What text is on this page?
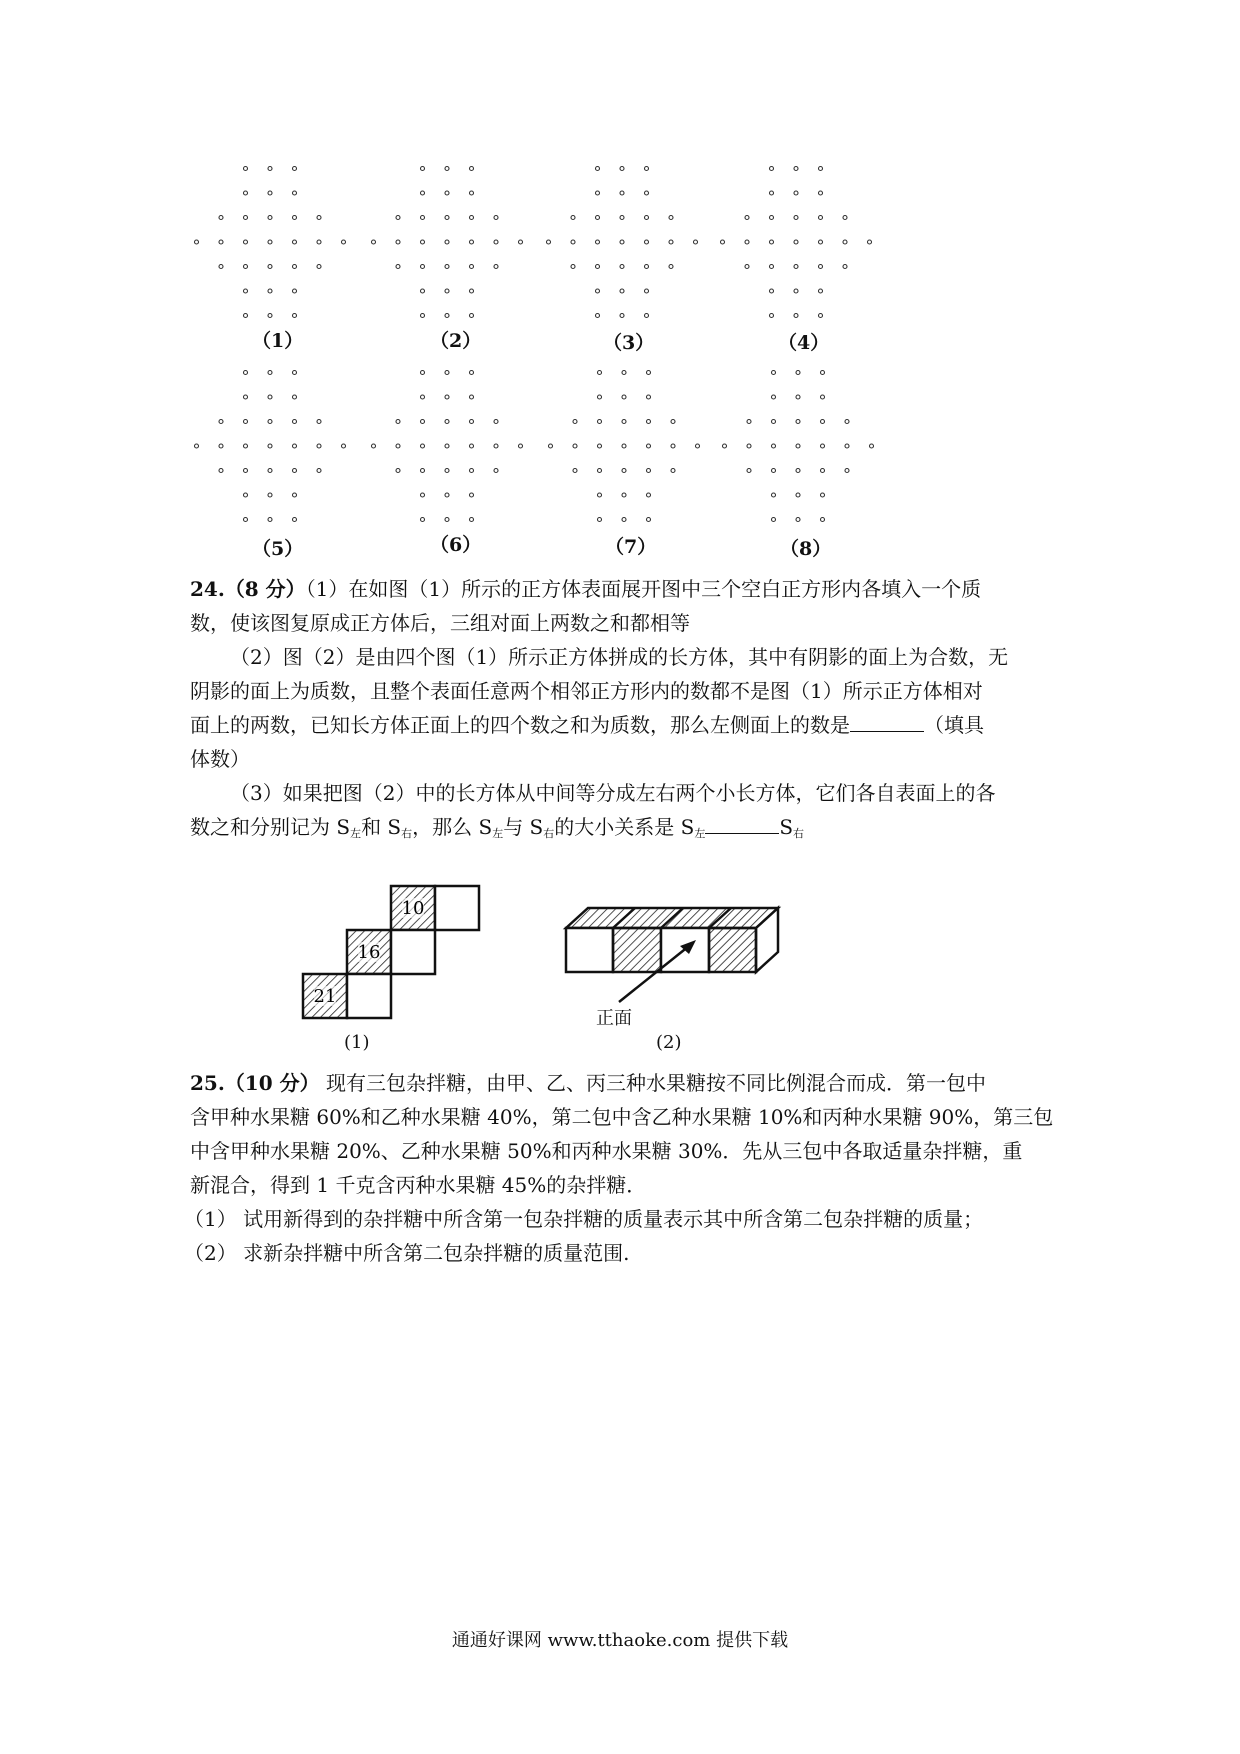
（1）	（2）	（3）	（4）
（5）	（6）	（7）	（8）
24.（8 分）（1）在如图（1）所示的正方体表面展开图中三个空白正方形内各填入一个质
数，使该图复原成正方体后，三组对面上两数之和都相等
（2）图（2）是由四个图（1）所示正方体拼成的长方体，其中有阴影的面上为合数，无
阴影的面上为质数，且整个表面任意两个相邻正方形内的数都不是图（1）所示正方体相对
面上的两数，已知长方体正面上的四个数之和为质数，那么左侧面上的数是	（填具
体数）
（3）如果把图（2）中的长方体从中间等分成左右两个小长方体，它们各自表面上的各
数之和分别记为 $S_左$和 $S_右$，那么 $S_左$与 $S_右$的大小关系是 $S_左$	$S_右$
10
16
21
(1)
正面
(2)
25.（10 分） 现有三包杂拌糖，由甲、乙、丙三种水果糖按不同比例混合而成．第一包中
含甲种水果糖 60%和乙种水果糖 40%，第二包中含乙种水果糖 10%和丙种水果糖 90%，第三包
中含甲种水果糖 20%、乙种水果糖 50%和丙种水果糖 30%．先从三包中各取适量杂拌糖，重
新混合，得到 1 千克含丙种水果糖 45%的杂拌糖．
（1） 试用新得到的杂拌糖中所含第一包杂拌糖的质量表示其中所含第二包杂拌糖的质量；
（2） 求新杂拌糖中所含第二包杂拌糖的质量范围.
通通好课网 www.tthaoke.com 提供下载
